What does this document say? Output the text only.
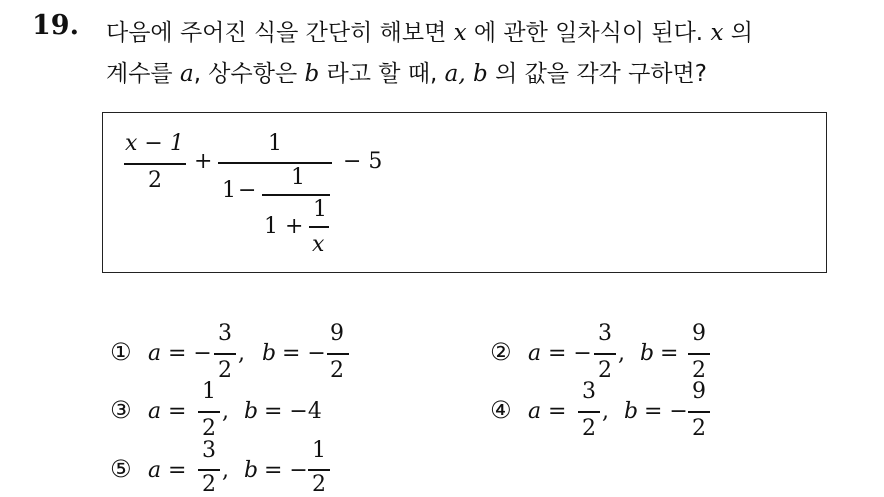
19. 다음에 주어진 식을 간단히 해보면 x 에 관한 일차식이 된다. x 의
계수를 a, 상수항은 b 라고 할 때, a, b 의 값을 각각 구하면?
x − 1
2
+
1
1 −
1
1 +
1
x
− 5
① a = −
3
2
, b = −
9
2
② a = −
3
2
, b =
9
2
③ a =
1
2
, b = −4	④ a =
3
2
, b = −
9
2
⑤ a =
3
2
, b = −
1
2
